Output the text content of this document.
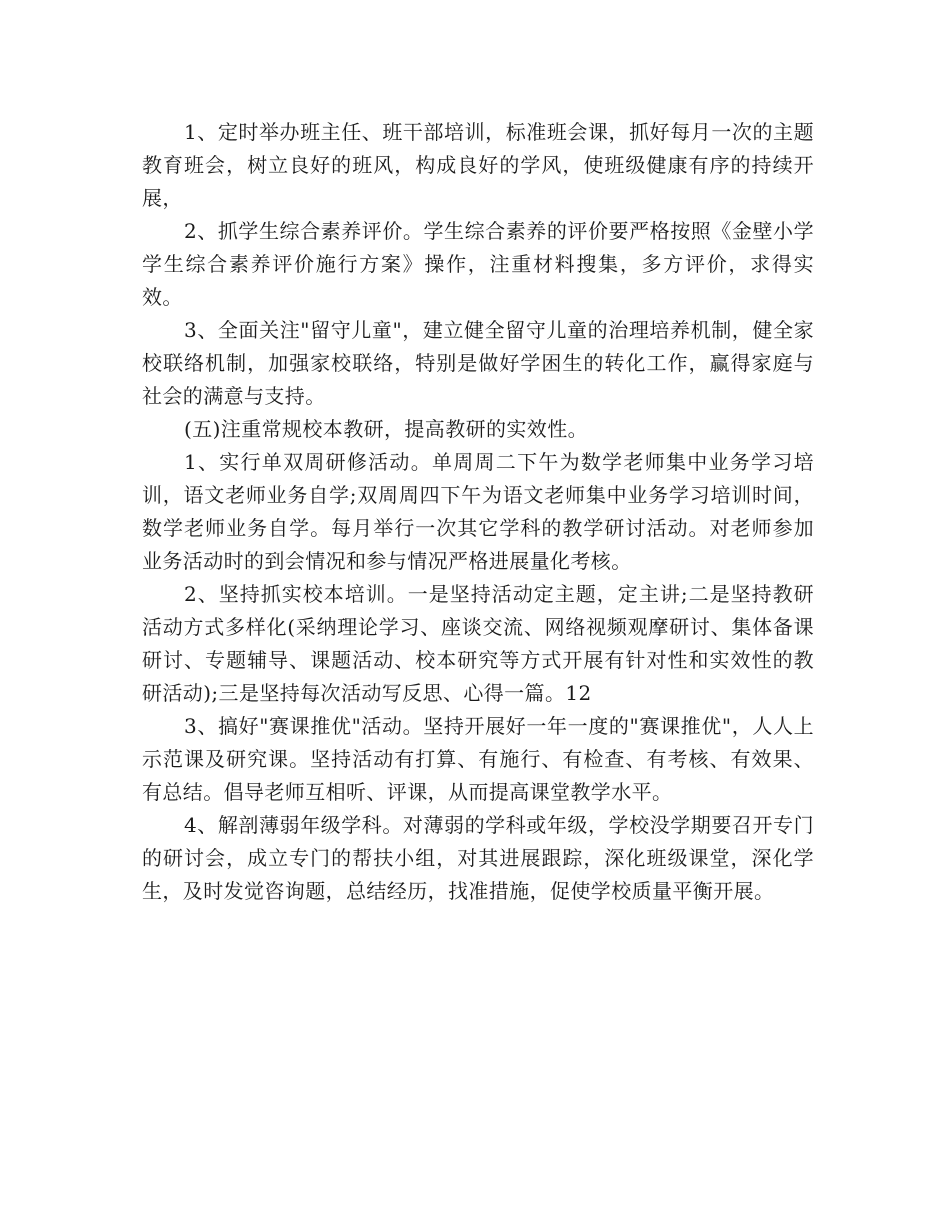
1、定时举办班主任、班干部培训，标准班会课，抓好每月一次的主题教育班会，树立良好的班风，构成良好的学风，使班级健康有序的持续开展，

2、抓学生综合素养评价。学生综合素养的评价要严格按照《金壁小学学生综合素养评价施行方案》操作，注重材料搜集，多方评价，求得实效。

3、全面关注"留守儿童"，建立健全留守儿童的治理培养机制，健全家校联络机制，加强家校联络，特别是做好学困生的转化工作，赢得家庭与社会的满意与支持。

(五)注重常规校本教研，提高教研的实效性。

1、实行单双周研修活动。单周周二下午为数学老师集中业务学习培训，语文老师业务自学;双周周四下午为语文老师集中业务学习培训时间，数学老师业务自学。每月举行一次其它学科的教学研讨活动。对老师参加业务活动时的到会情况和参与情况严格进展量化考核。

2、坚持抓实校本培训。一是坚持活动定主题，定主讲;二是坚持教研活动方式多样化(采纳理论学习、座谈交流、网络视频观摩研讨、集体备课研讨、专题辅导、课题活动、校本研究等方式开展有针对性和实效性的教研活动);三是坚持每次活动写反思、心得一篇。12

3、搞好"赛课推优"活动。坚持开展好一年一度的"赛课推优"，人人上示范课及研究课。坚持活动有打算、有施行、有检查、有考核、有效果、有总结。倡导老师互相听、评课，从而提高课堂教学水平。

4、解剖薄弱年级学科。对薄弱的学科或年级，学校没学期要召开专门的研讨会，成立专门的帮扶小组，对其进展跟踪，深化班级课堂，深化学生，及时发觉咨询题，总结经历，找准措施，促使学校质量平衡开展。
